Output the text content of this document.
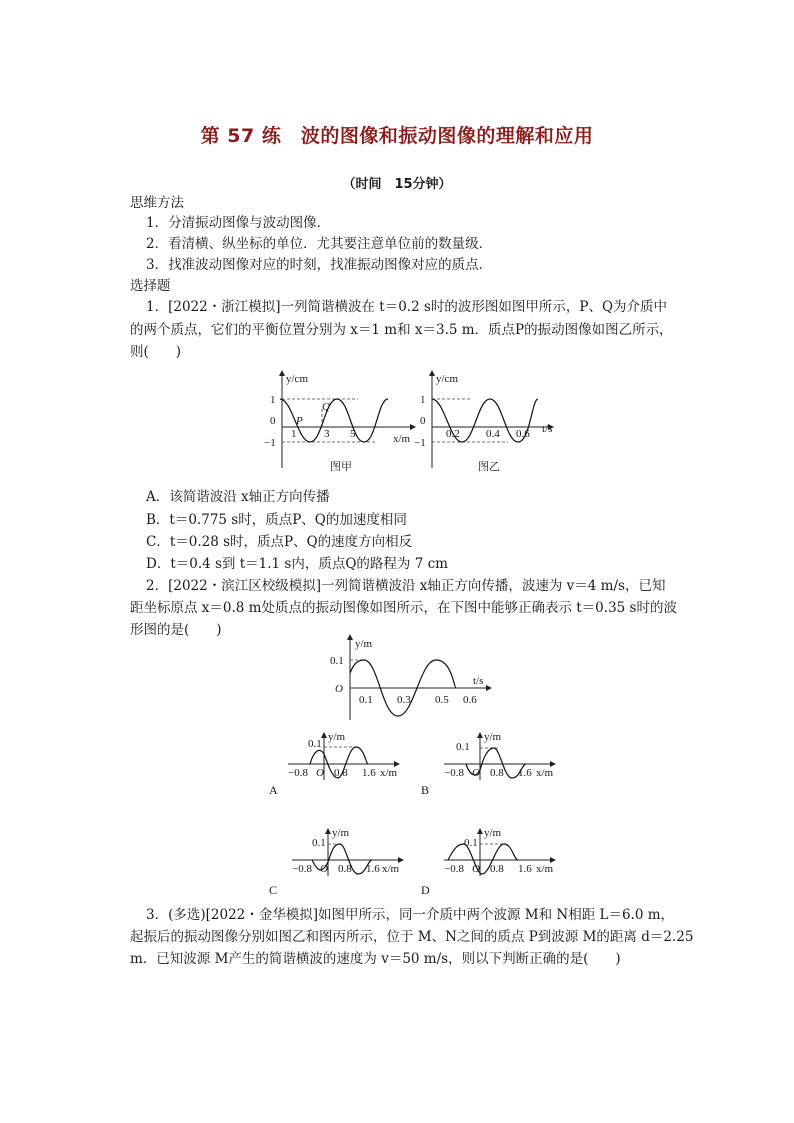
第 57 练　波的图像和振动图像的理解和应用
（时间　15分钟）
思维方法
1．分清振动图像与波动图像．
2．看清横、纵坐标的单位．尤其要注意单位前的数量级．
3．找准波动图像对应的时刻，找准振动图像对应的质点．
选择题
1．[2022・浙江模拟]一列简谐横波在 t＝0.2 s时的波形图如图甲所示，P、Q为介质中
的两个质点，它们的平衡位置分别为 x＝1 m和 x＝3.5 m．质点P的振动图像如图乙所示，
则(　　)
y/cm
x/m
1
0
−1
1	3 5
P
Q
图甲
y/cm
t/s
1
0
−1
0.2 0.4 0.6
图乙
A．该简谐波沿 x轴正方向传播
B．t＝0.775 s时，质点P、Q的加速度相同
C．t＝0.28 s时，质点P、Q的速度方向相反
D．t＝0.4 s到 t＝1.1 s内，质点Q的路程为 7 cm
2．[2022・滨江区校级模拟]一列简谐横波沿 x轴正方向传播，波速为 v＝4 m/s，已知
距坐标原点 x＝0.8 m处质点的振动图像如图所示，在下图中能够正确表示 t＝0.35 s时的波
形图的是(　　)
y/m
t/s
0.1
O
0.1 0.3 0.5 0.6
y/m
0.1
−0.8 O 0.8 1.6 x/m
A
y/m
0.1
−0.8 O 0.8 1.6 x/m
B
y/m
0.1
−0.8 O 0.8 1.6 x/m
C
y/m
0.1
−0.8 O 0.8 1.6 x/m
D
3．(多选)[2022・金华模拟]如图甲所示，同一介质中两个波源 M和 N相距 L＝6.0 m，
起振后的振动图像分别如图乙和图丙所示，位于 M、N之间的质点 P到波源 M的距离 d＝2.25
m．已知波源 M产生的简谐横波的速度为 v＝50 m/s，则以下判断正确的是(　　)
